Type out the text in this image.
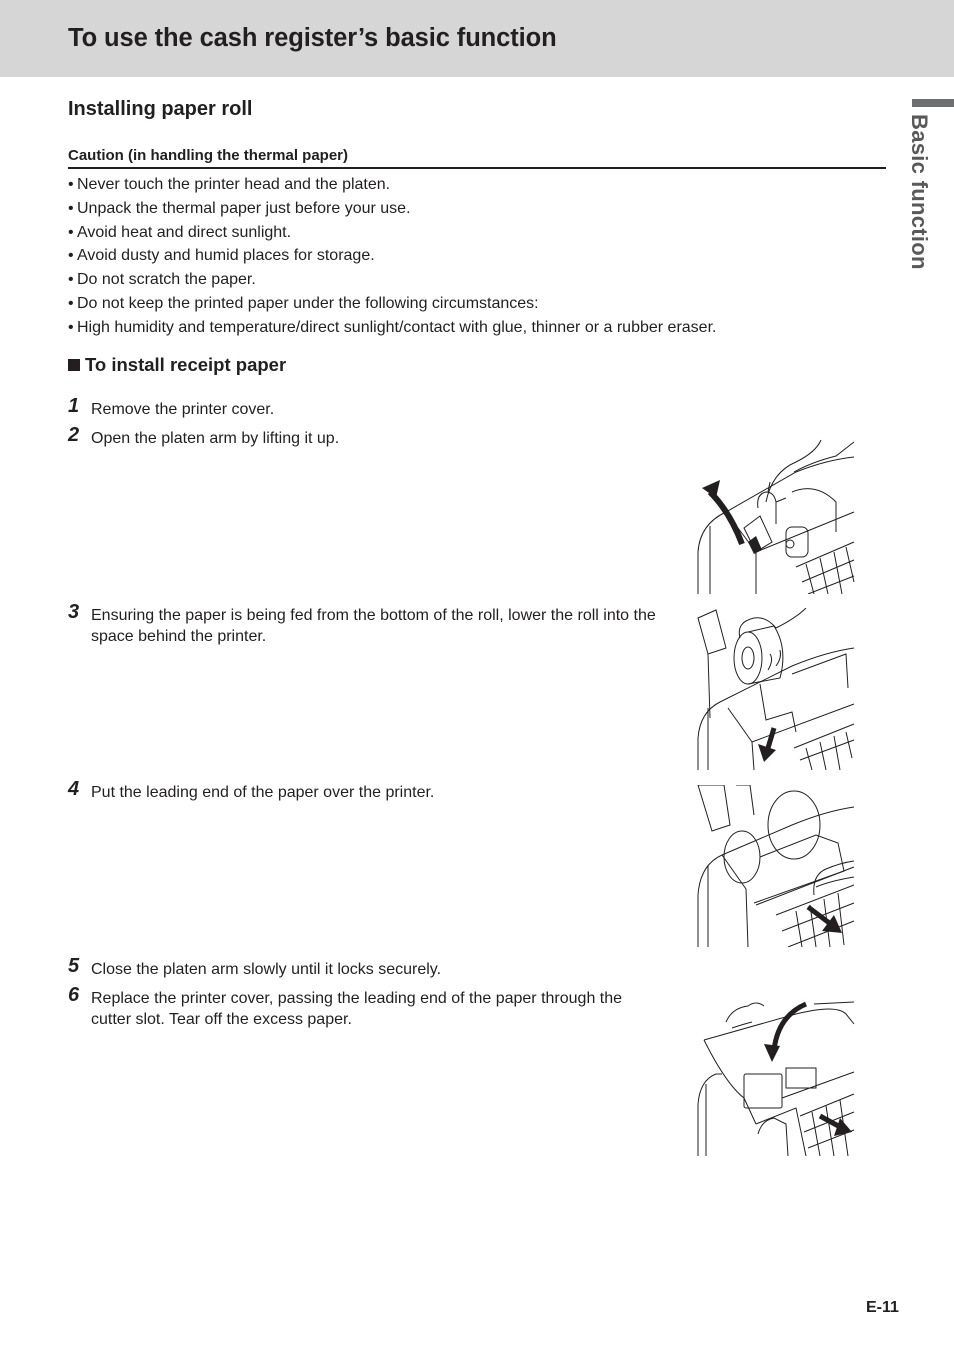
To use the cash register’s basic function
Basic function
Installing paper roll
Caution (in handling the thermal paper)
• Never touch the printer head and the platen.
• Unpack the thermal paper just before your use.
• Avoid heat and direct sunlight.
• Avoid dusty and humid places for storage.
• Do not scratch the paper.
• Do not keep the printed paper under the following circumstances:
• High humidity and temperature/direct sunlight/contact with glue, thinner or a rubber eraser.
To install receipt paper
1 Remove the printer cover.
2 Open the platen arm by lifting it up.
3 Ensuring the paper is being fed from the bottom of the roll, lower the roll into the space behind the printer.
4 Put the leading end of the paper over the printer.
5 Close the platen arm slowly until it locks securely.
6 Replace the printer cover, passing the leading end of the paper through the cutter slot. Tear off the excess paper.
E-11
